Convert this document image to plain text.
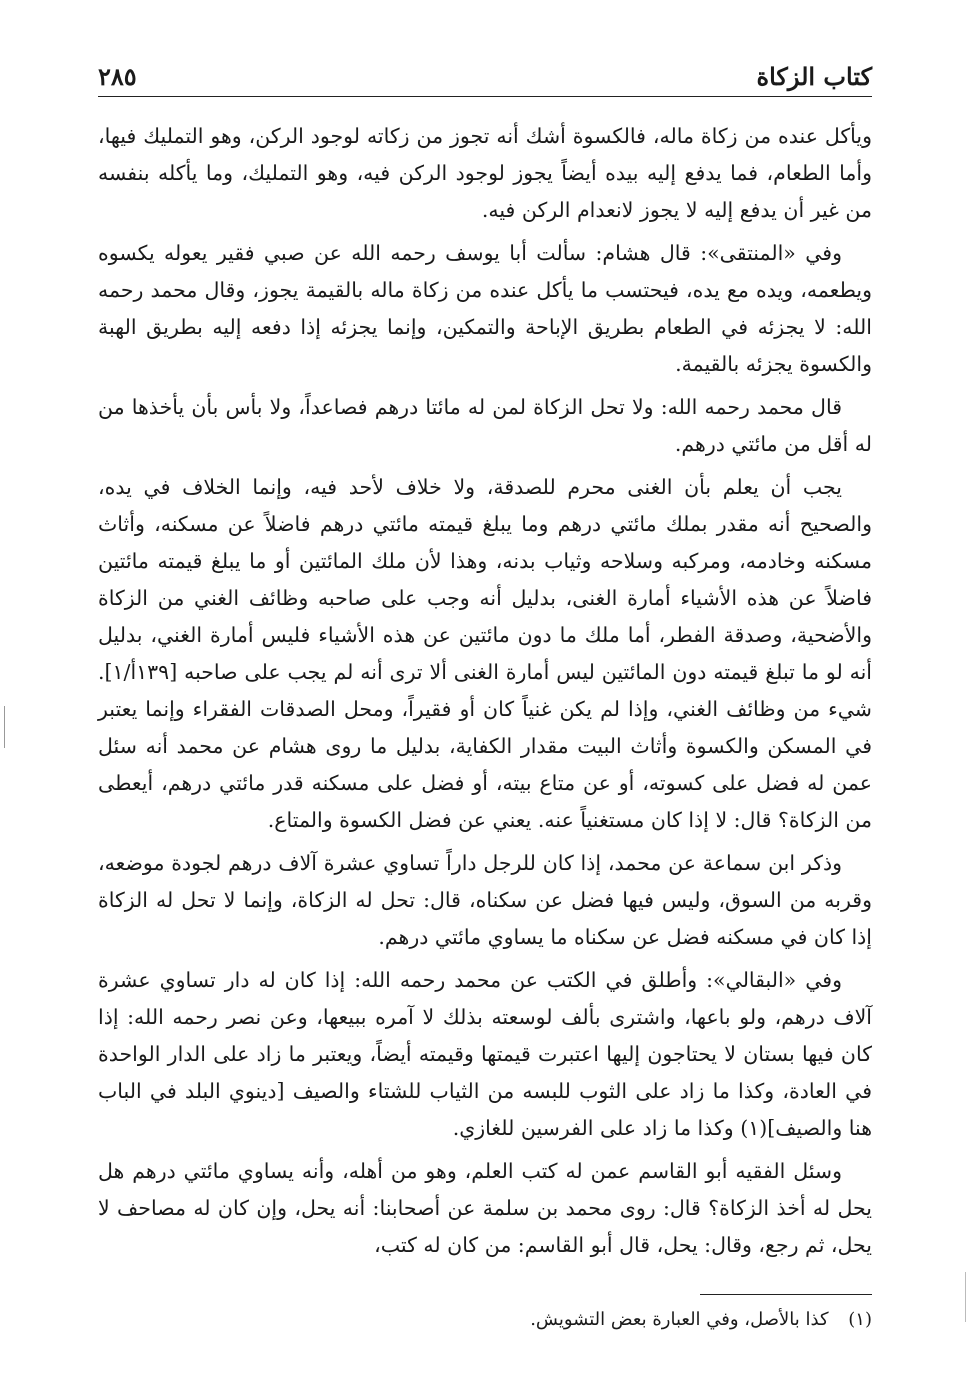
كتاب الزكاة
٢٨٥

ويأكل عنده من زكاة ماله، فالكسوة أشك أنه تجوز من زكاته لوجود الركن، وهو التمليك فيها، وأما الطعام، فما يدفع إليه بيده أيضاً يجوز لوجود الركن فيه، وهو التمليك، وما يأكله بنفسه من غير أن يدفع إليه لا يجوز لانعدام الركن فيه.

وفي «المنتقى»: قال هشام: سألت أبا يوسف رحمه الله عن صبي فقير يعوله يكسوه ويطعمه، ويده مع يده، فيحتسب ما يأكل عنده من زكاة ماله بالقيمة يجوز، وقال محمد رحمه الله: لا يجزئه في الطعام بطريق الإباحة والتمكين، وإنما يجزئه إذا دفعه إليه بطريق الهبة والكسوة يجزئه بالقيمة.

قال محمد رحمه الله: ولا تحل الزكاة لمن له مائتا درهم فصاعداً، ولا بأس بأن يأخذها من له أقل من مائتي درهم.

يجب أن يعلم بأن الغنى محرم للصدقة، ولا خلاف لأحد فيه، وإنما الخلاف في يده، والصحيح أنه مقدر بملك مائتي درهم وما يبلغ قيمته مائتي درهم فاضلاً عن مسكنه، وأثاث مسكنه وخادمه، ومركبه وسلاحه وثياب بدنه، وهذا لأن ملك المائتين أو ما يبلغ قيمته مائتين فاضلاً عن هذه الأشياء أمارة الغنى، بدليل أنه وجب على صاحبه وظائف الغني من الزكاة والأضحية، وصدقة الفطر، أما ملك ما دون مائتين عن هذه الأشياء فليس أمارة الغني، بدليل أنه لو ما تبلغ قيمته دون المائتين ليس أمارة الغنى ألا ترى أنه لم يجب على صاحبه [١٣٩أ/١]. شيء من وظائف الغني، وإذا لم يكن غنياً كان أو فقيراً، ومحل الصدقات الفقراء وإنما يعتبر في المسكن والكسوة وأثاث البيت مقدار الكفاية، بدليل ما روى هشام عن محمد أنه سئل عمن له فضل على كسوته، أو عن متاع بيته، أو فضل على مسكنه قدر مائتي درهم، أيعطى من الزكاة؟ قال: لا إذا كان مستغنياً عنه. يعني عن فضل الكسوة والمتاع.

وذكر ابن سماعة عن محمد، إذا كان للرجل داراً تساوي عشرة آلاف درهم لجودة موضعه، وقربه من السوق، وليس فيها فضل عن سكناه، قال: تحل له الزكاة، وإنما لا تحل له الزكاة إذا كان في مسكنه فضل عن سكناه ما يساوي مائتي درهم.

وفي «البقالي»: وأطلق في الكتب عن محمد رحمه الله: إذا كان له دار تساوي عشرة آلاف درهم، ولو باعها، واشترى بألف لوسعته بذلك لا آمره ببيعها، وعن نصر رحمه الله: إذا كان فيها بستان لا يحتاجون إليها اعتبرت قيمتها وقيمته أيضاً، ويعتبر ما زاد على الدار الواحدة في العادة، وكذا ما زاد على الثوب للبسه من الثياب للشتاء والصيف [دينوي البلد في الباب هنا والصيف](١) وكذا ما زاد على الفرسين للغازي.

وسئل الفقيه أبو القاسم عمن له كتب العلم، وهو من أهله، وأنه يساوي مائتي درهم هل يحل له أخذ الزكاة؟ قال: روى محمد بن سلمة عن أصحابنا: أنه يحل، وإن كان له مصاحف لا يحل، ثم رجع، وقال: يحل، قال أبو القاسم: من كان له كتب،

(١) كذا بالأصل، وفي العبارة بعض التشويش.
